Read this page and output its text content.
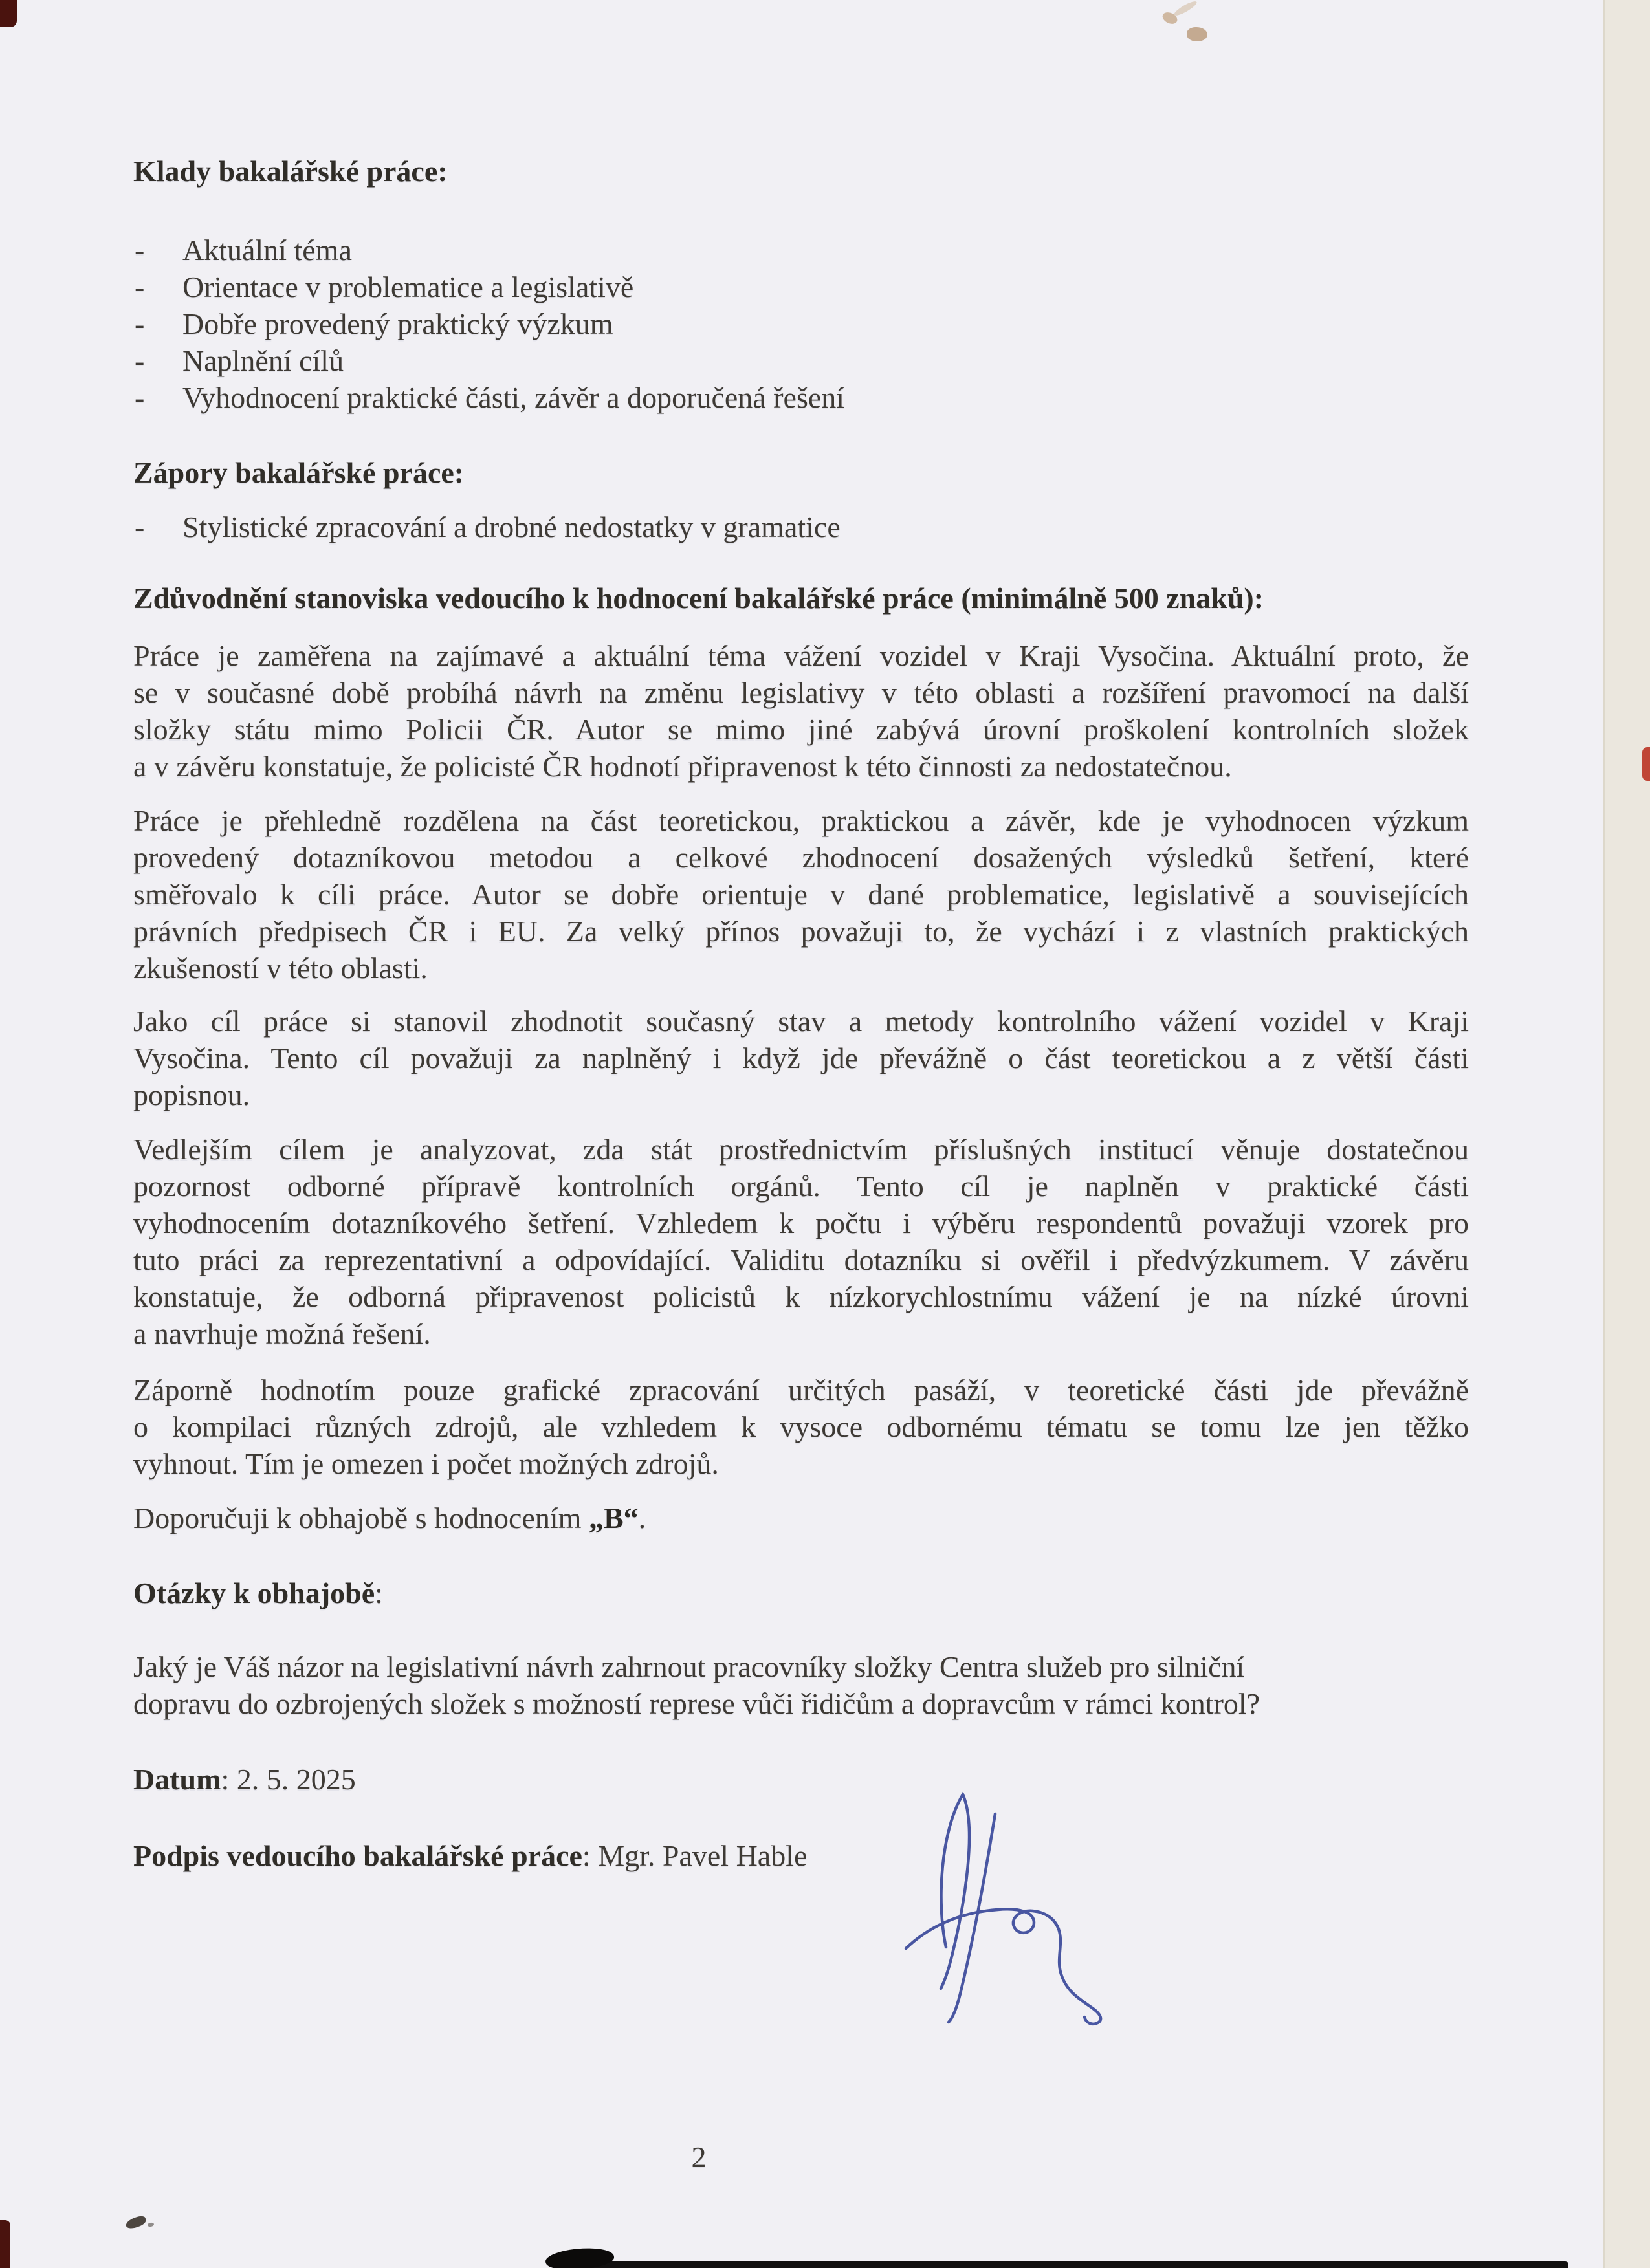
Klady bakalářské práce:
- Aktuální téma
- Orientace v problematice a legislativě
- Dobře provedený praktický výzkum
- Naplnění cílů
- Vyhodnocení praktické části, závěr a doporučená řešení
Zápory bakalářské práce:
- Stylistické zpracování a drobné nedostatky v gramatice
Zdůvodnění stanoviska vedoucího k hodnocení bakalářské práce (minimálně 500 znaků):
Práce je zaměřena na zajímavé a aktuální téma vážení vozidel v Kraji Vysočina. Aktuální proto, že
se v současné době probíhá návrh na změnu legislativy v této oblasti a rozšíření pravomocí na další
složky státu mimo Policii ČR. Autor se mimo jiné zabývá úrovní proškolení kontrolních složek
a v závěru konstatuje, že policisté ČR hodnotí připravenost k této činnosti za nedostatečnou.
Práce je přehledně rozdělena na část teoretickou, praktickou a závěr, kde je vyhodnocen výzkum
provedený dotazníkovou metodou a celkové zhodnocení dosažených výsledků šetření, které
směřovalo k cíli práce. Autor se dobře orientuje v dané problematice, legislativě a souvisejících
právních předpisech ČR i EU. Za velký přínos považuji to, že vychází i z vlastních praktických
zkušeností v této oblasti.
Jako cíl práce si stanovil zhodnotit současný stav a metody kontrolního vážení vozidel v Kraji
Vysočina. Tento cíl považuji za naplněný i když jde převážně o část teoretickou a z větší části
popisnou.
Vedlejším cílem je analyzovat, zda stát prostřednictvím příslušných institucí věnuje dostatečnou
pozornost odborné přípravě kontrolních orgánů. Tento cíl je naplněn v praktické části
vyhodnocením dotazníkového šetření. Vzhledem k počtu i výběru respondentů považuji vzorek pro
tuto práci za reprezentativní a odpovídající. Validitu dotazníku si ověřil i předvýzkumem. V závěru
konstatuje, že odborná připravenost policistů k nízkorychlostnímu vážení je na nízké úrovni
a navrhuje možná řešení.
Záporně hodnotím pouze grafické zpracování určitých pasáží, v teoretické části jde převážně
o kompilaci různých zdrojů, ale vzhledem k vysoce odbornému tématu se tomu lze jen těžko
vyhnout. Tím je omezen i počet možných zdrojů.
Doporučuji k obhajobě s hodnocením „B“.
Otázky k obhajobě:
Jaký je Váš názor na legislativní návrh zahrnout pracovníky složky Centra služeb pro silniční
dopravu do ozbrojených složek s možností represe vůči řidičům a dopravcům v rámci kontrol?
Datum: 2. 5. 2025
Podpis vedoucího bakalářské práce: Mgr. Pavel Hable
2
